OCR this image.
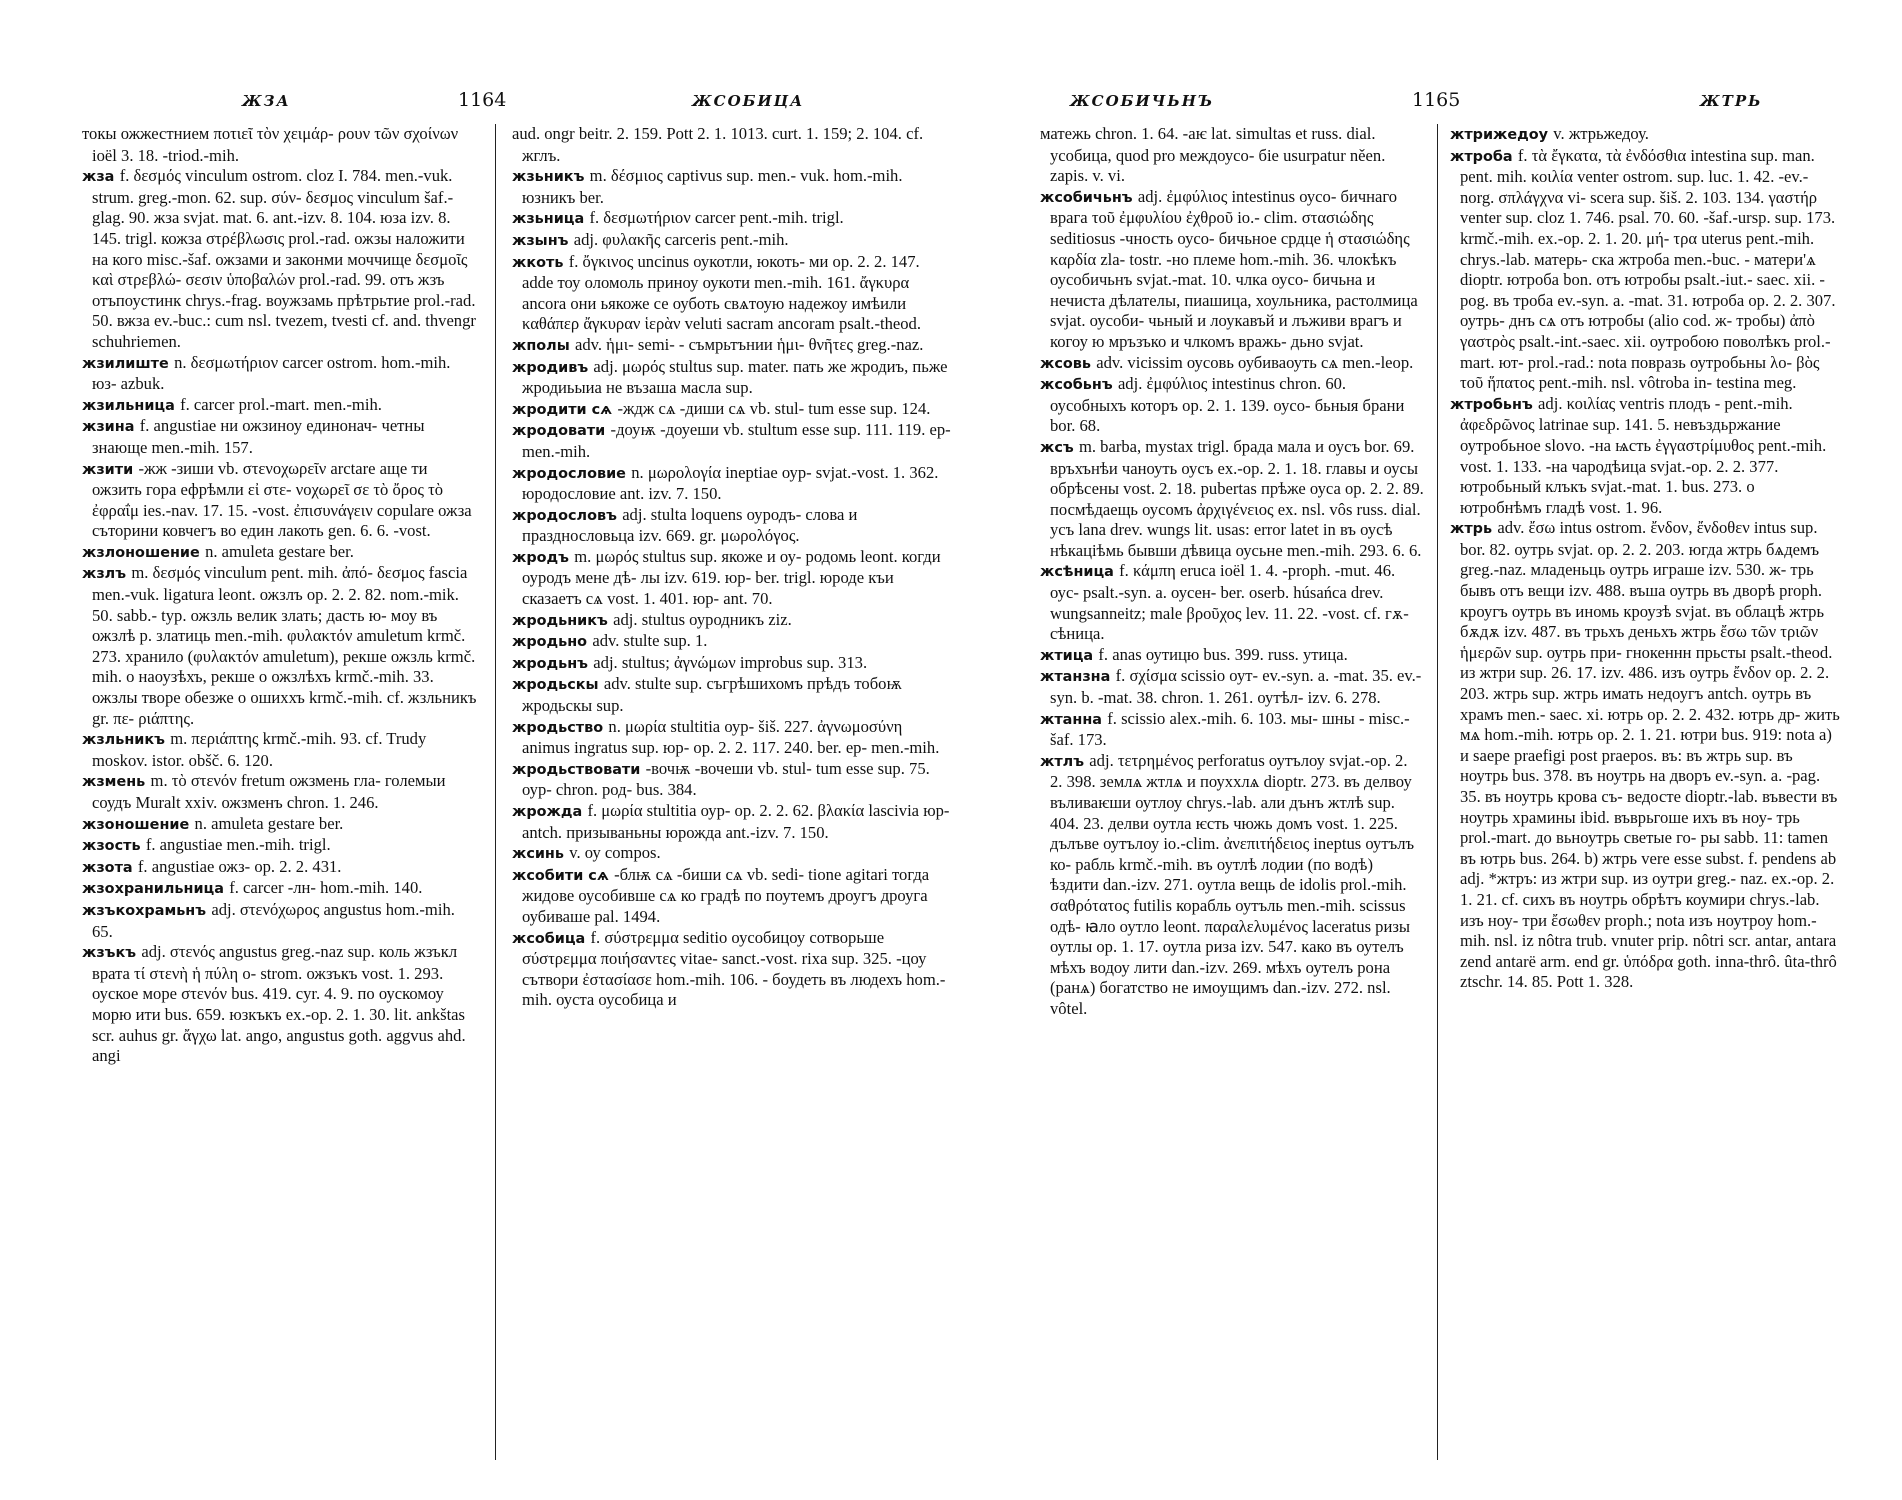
ЖЗА	1164	ЖСОБИЦА

токы ожжестнием ποτιεῖ τὸν χειμάρ- ρουν τῶν σχοίνων ioël 3. 18. -triod.-mih.

жза f. δεσμός vinculum ostrom. cloz I. 784. men.-vuk. strum. greg.-mon. 62. sup. σύν- δεσμος vinculum šaf.-glag. 90. жза svjat. mat. 6. ant.-izv. 8. 104. юза izv. 8. 145. trigl. кожза στρέβλωσις prol.-rad. ожзы наложити на кого misc.-šaf. ожзами и законми моччище δεσμοῖς καὶ στρεβλώ- σεσιν ὑποβαλών prol.-rad. 99. отъ жзъ отъпоустинк chrys.-frag. воужзамь прѣтрьтие prol.-rad. 50. вжза ev.-buc.: cum nsl. tvezem, tvesti cf. and. thvengr schuhriemen.

жзилиште n. δεσμωτήριον carcer ostrom. hom.-mih. юз- azbuk.

жзильница f. carcer prol.-mart. men.-mih.

жзина f. angustiae ни ожзиноу единонач- четны знающе men.-mih. 157.

жзити -жж -зиши vb. στενοχωρεῖν arctare аще ти ожзить гора ефрѣмли εἰ στε- νοχωρεῖ σε τὸ ὄρος τὸ ἐφραΐμ ies.-nav. 17. 15. -vost. ἐπισυνάγειν copulare ожза съторини ковчегъ во един лакоть gen. 6. 6. -vost.

жзлоношение n. amuleta gestare ber.

жзлъ m. δεσμός vinculum pent. mih. ἀπό- δεσμος fascia men.-vuk. ligatura leont. ожзлъ op. 2. 2. 82. nom.-mik. 50. sabb.- typ. ожзль велик злать; дасть ю- моу въ ожзлѣ р. златиць men.-mih. φυλακτόν amuletum krmč. 273. хранило (φυλακτόν amuletum), рекше ожзль krmč. mih. о наоузѣхъ, рекше о ожзлѣхъ krmč.-mih. 33. ожзлы творе обезже о ошиххъ krmč.-mih. cf. жзльникъ gr. πε- ριάπτης.

жзльникъ m. περιάπτης krmč.-mih. 93. cf. Trudy moskov. istor. obšč. 6. 120.

жзмень m. τὸ στενόν fretum ожзмень гла- големыи соудъ Muralt xxiv. ожзменъ chron. 1. 246.

жзоношение n. amuleta gestare ber.

жзость f. angustiae men.-mih. trigl.

жзота f. angustiae ожз- op. 2. 2. 431.

жзохранильница f. carcer -лн- hom.-mih. 140.

жзъкохрамьнъ adj. στενόχωρος angustus hom.-mih. 65.

жзъкъ adj. στενός angustus greg.-naz sup. коль жзъкл врата τί στενὴ ἡ πύλη o- strom. ожзъкъ vost. 1. 293. оуское море στενόν bus. 419. cyr. 4. 9. по оускомоу морю ити bus. 659. юзкъкъ ex.-op. 2. 1. 30. lit. ankštas scr. auhus gr. ἄγχω lat. ango, angustus goth. aggvus ahd. angi

aud. ongr beitr. 2. 159. Pott 2. 1. 1013. curt. 1. 159; 2. 104. cf. жглъ.

жзьникъ m. δέσμιος captivus sup. men.- vuk. hom.-mih. юзникъ ber.

жзьница f. δεσμωτήριον carcer pent.-mih. trigl.

жзынъ adj. φυλακῆς carceris pent.-mih.

жкоть f. ὄγκινος uncinus оукотли, юкоть- ми op. 2. 2. 147. adde тоу оломоль приноу оукоти men.-mih. 161. ἄγκυρα ancora они ьякоже се оуботь свѧтоую надежоу имѣили καθάπερ ἄγκυραν ἱερὰν veluti sacram ancoram psalt.-theod.

жполы adv. ἡμι- semi- - съмрьтънии ἡμι- θνῆτες greg.-naz.

жродивъ adj. μωρός stultus sup. mater. пать же жродиъ, пьже жродиьыиа не възаша масла sup.

жродити сѧ -ждж сѧ -диши сѧ vb. stul- tum esse sup. 124.

жродовати -доуѭ -доуеши vb. stultum esse sup. 111. 119. ер- men.-mih.

жродословие n. μωρολογία ineptiae оур- svjat.-vost. 1. 362. юродословие ant. izv. 7. 150.

жродословъ adj. stulta loquens оуродъ- слова и празднословьца izv. 669. gr. μωρολόγος.

жродъ m. μωρός stultus sup. якоже и оу- родомь leont. когди оуродъ мене дѣ- лы izv. 619. юр- ber. trigl. юроде къи сказаетъ сѧ vost. 1. 401. юр- ant. 70.

жродьникъ adj. stultus оуродникъ ziz.

жродьно adv. stulte sup. 1.

жродьнъ adj. stultus; ἀγνώμων improbus sup. 313.

жродьскы adv. stulte sup. съгрѣшихомъ прѣдъ тобоѭ жродьскы sup.

жродьство n. μωρία stultitia оур- šiš. 227. ἀγνωμοσύνη animus ingratus sup. юр- op. 2. 2. 117. 240. ber. ер- men.-mih.

жродьствовати -вочѭ -вочеши vb. stul- tum esse sup. 75. оур- chron. род- bus. 384.

жрожда f. μωρία stultitia оур- op. 2. 2. 62. βλακία lascivia юр- antch. призываньны юрожда ant.-izv. 7. 150.

жсинь v. оу compos.

жсобити сѧ -блѭ сѧ -биши сѧ vb. sedi- tione agitari тогда жидове оусобивше сѧ ко градѣ по поутемъ дроугъ дроуга оубиваше pal. 1494.

жсобица f. σύστρεμμα seditio оусобицоу сотворьше σύστρεμμα ποιήσαντες vitae- sanct.-vost. rixa sup. 325. -цоу сътвори ἐστασίασε hom.-mih. 106. - боудеть въ людехъ hom.-mih. оуста оусобица и

ЖСОБИЧЬНЪ	1165	ЖТРЬ

матежь chron. 1. 64. -аѥ lat. simultas et russ. dial. усобица, quod pro междоусо- біе usurpatur něen. zapis. v. vi.

жсобичьнъ adj. ἐμφύλιος intestinus оусо- бичнаго врага τοῦ ἐμφυλίου ἐχθροῦ io.- clim. στασιώδης seditiosus -чность оусо- бичьное срдце ἡ στασιώδης καρδία zla- tostr. -но племе hom.-mih. 36. члокѣкъ оусобичьнъ svjat.-mat. 10. члка оусо- бичьна и нечиста дѣлателы, пиашица, хоульника, растолмица svjat. оусоби- чьный и лоукавъй и лъживи врагъ и когоу ю мръзъко и члкомъ вражь- дьно svjat.

жсовь adv. vicissim оусовь оубиваоуть сѧ men.-leop.

жсобьнъ adj. ἐμφύλιος intestinus chron. 60. оусобныхъ которъ op. 2. 1. 139. оусо- бьныя брани bor. 68.

жсъ m. barba, mystax trigl. брада мала и оусъ bor. 69. връхънѣи чаноуть оусъ ex.-op. 2. 1. 18. главы и оусы обрѣсены vost. 2. 18. pubertas прѣже оуса op. 2. 2. 89. посмѣдаещь оусомъ ἀρχιγένειος ex. nsl. vôs russ. dial. усъ lana drev. wungs lit. usas: error latet in въ оусѣ нѣкаціѣмь бывши дѣвица оусьне men.-mih. 293. 6. 6.

жсѣница f. κάμπη eruca ioël 1. 4. -proph. -mut. 46. оус- psalt.-syn. a. оусен- ber. oserb. húsańca drev. wungsanneitz; male βροῦχος lev. 11. 22. -vost. cf. гѫ- сѣница.

жтица f. anas оутицю bus. 399. russ. утица.

жтанзна f. σχίσμα scissio оут- ev.-syn. a. -mat. 35. ev.-syn. b. -mat. 38. chron. 1. 261. оутѣл- izv. 6. 278.

жтанна f. scissio alex.-mih. 6. 103. мы- шны - misc.-šaf. 173.

жтлъ adj. τετρημένος perforatus оутълоу svjat.-op. 2. 2. 398. землѧ жтлѧ и поуххлѧ dioptr. 273. въ делвоу въливаѥши оутлоу chrys.-lab. али дънъ жтлѣ sup. 404. 23. делви оутла ѥсть чюжь домъ vost. 1. 225. дълъве оутълоу io.-clim. ἀνεπιτήδειος ineptus оутълъ ко- рабль krmč.-mih. въ оутлѣ лодии (по водѣ) ѣздити dan.-izv. 271. оутла вещь de idolis prol.-mih. σαθρότατος futilis корабль оутъль men.-mih. scissus одѣ- ꙗло оутло leont. παραλελυμένος laceratus ризы оутлы op. 1. 17. оутла риза izv. 547. како въ оутелъ мѣхъ водоу лити dan.-izv. 269. мѣхъ оутелъ рона (ранѧ) богатство не имоущимъ dan.-izv. 272. nsl. vôtel.

жтрижедоу v. жтрьжедоу.

жтроба f. τὰ ἔγκατα, τὰ ἐνδόσθια intestina sup. man. pent. mih. κοιλία venter ostrom. sup. luc. 1. 42. -ev.-norg. σπλάγχνα vi- scera sup. šiš. 2. 103. 134. γαστήρ venter sup. cloz 1. 746. psal. 70. 60. -šaf.-ursp. sup. 173. krmč.-mih. ex.-op. 2. 1. 20. μή- τρα uterus pent.-mih. chrys.-lab. матерь- ска жтроба men.-buc. - матери'ѧ dioptr. ютроба bon. отъ ютробы psalt.-iut.- saec. xii. -pog. въ тробa ev.-syn. a. -mat. 31. ютроба op. 2. 2. 307. оутрь- днъ сѧ отъ ютробы (alio cod. ж- тробы) ἀπὸ γαστρὸς psalt.-int.-saec. xii. оутробою поволѣкъ prol.-mart. ют- prol.-rad.: nota повразь оутробьны λο- βὸς τοῦ ἥπατος pent.-mih. nsl. vôtroba in- testina meg.

жтробьнъ adj. κοιλίας ventris плодъ - pent.-mih. ἀφεδρῶνος latrinae sup. 141. 5. невъздьржание оутробьное slovo. -на ѩсть ἐγγαστρίμυθος pent.-mih. vost. 1. 133. -на чародѣица svjat.-op. 2. 2. 377. ютробьный клъкъ svjat.-mat. 1. bus. 273. о ютробнѣмъ гладѣ vost. 1. 96.

жтрь adv. ἔσω intus ostrom. ἔνδον, ἔνδοθεν intus sup. bor. 82. оутрь svjat. op. 2. 2. 203. югда жтрь бѧдемъ greg.-naz. младеньць оутрь играше izv. 530. ж- трь бывъ отъ вещи izv. 488. въша оутрь въ дворѣ proph. кроугъ оутрь въ иномь кроузѣ svjat. въ облацѣ жтрь бѫдѫ izv. 487. въ трьхъ деньхъ жтрь ἔσω τῶν τριῶν ἡμερῶν sup. оутрь при- гнокеннн прьсты psalt.-theod. из жтри sup. 26. 17. izv. 486. изъ оутрь ἔνδον op. 2. 2. 203. жтрь sup. жтрь имать недоугъ antch. оутрь въ храмъ men.- saec. xi. ютрь op. 2. 2. 432. ютрь др- жить мѧ hom.-mih. ютрь op. 2. 1. 21. ютри bus. 919: nota a) и saepe praefigi post praepos. въ: въ жтрь sup. въ ноутрь bus. 378. въ ноутрь на дворъ ev.-syn. a. -pag. 35. въ ноутрь кровa съ- ведостe dioptr.-lab. въвести въ ноутрь храмины ibid. въврьгоше ихъ въ ноу- трь prol.-mart. до вьноутрь светые го- ры sabb. 11: tamen въ ютрь bus. 264. b) жтрь vere esse subst. f. pendens ab adj. *жтръ: из жтри sup. из оутри greg.- naz. ex.-op. 2. 1. 21. cf. сихъ въ ноутрь обрѣтъ коумири chrys.-lab. изъ ноу- три ἔσωθεν proph.; nota изъ ноутроу hom.-mih. nsl. iz nôtra trub. vnuter prip. nôtri scr. antar, antara zend antarë arm. end gr. ὑπόδρα goth. inna-thrô. ûta-thrô ztschr. 14. 85. Pott 1. 328.
